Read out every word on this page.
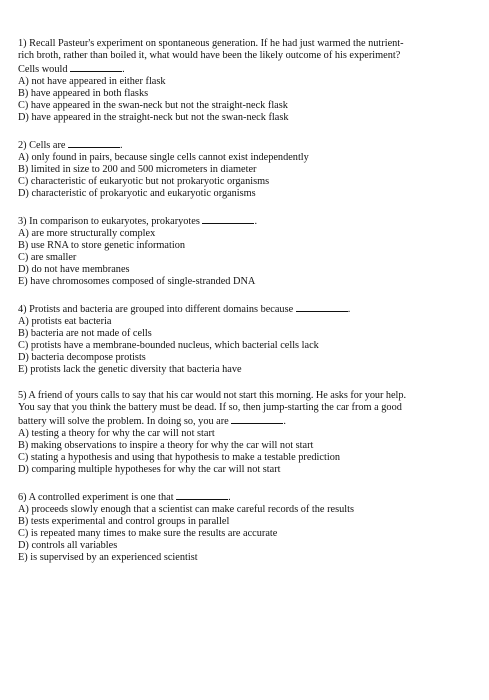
1) Recall Pasteur's experiment on spontaneous generation. If he had just warmed the nutrient-
rich broth, rather than boiled it, what would have been the likely outcome of his experiment?
Cells would	.
A) not have appeared in either flask
B) have appeared in both flasks
C) have appeared in the swan-neck but not the straight-neck flask
D) have appeared in the straight-neck but not the swan-neck flask
2) Cells are	.
A) only found in pairs, because single cells cannot exist independently
B) limited in size to 200 and 500 micrometers in diameter
C) characteristic of eukaryotic but not prokaryotic organisms
D) characteristic of prokaryotic and eukaryotic organisms
3) In comparison to eukaryotes, prokaryotes	.
A) are more structurally complex
B) use RNA to store genetic information
C) are smaller
D) do not have membranes
E) have chromosomes composed of single-stranded DNA
4) Protists and bacteria are grouped into different domains because	.
A) protists eat bacteria
B) bacteria are not made of cells
C) protists have a membrane-bounded nucleus, which bacterial cells lack
D) bacteria decompose protists
E) protists lack the genetic diversity that bacteria have
5) A friend of yours calls to say that his car would not start this morning. He asks for your help.
You say that you think the battery must be dead. If so, then jump-starting the car from a good
battery will solve the problem. In doing so, you are	.
A) testing a theory for why the car will not start
B) making observations to inspire a theory for why the car will not start
C) stating a hypothesis and using that hypothesis to make a testable prediction
D) comparing multiple hypotheses for why the car will not start
6) A controlled experiment is one that	.
A) proceeds slowly enough that a scientist can make careful records of the results
B) tests experimental and control groups in parallel
C) is repeated many times to make sure the results are accurate
D) controls all variables
E) is supervised by an experienced scientist
